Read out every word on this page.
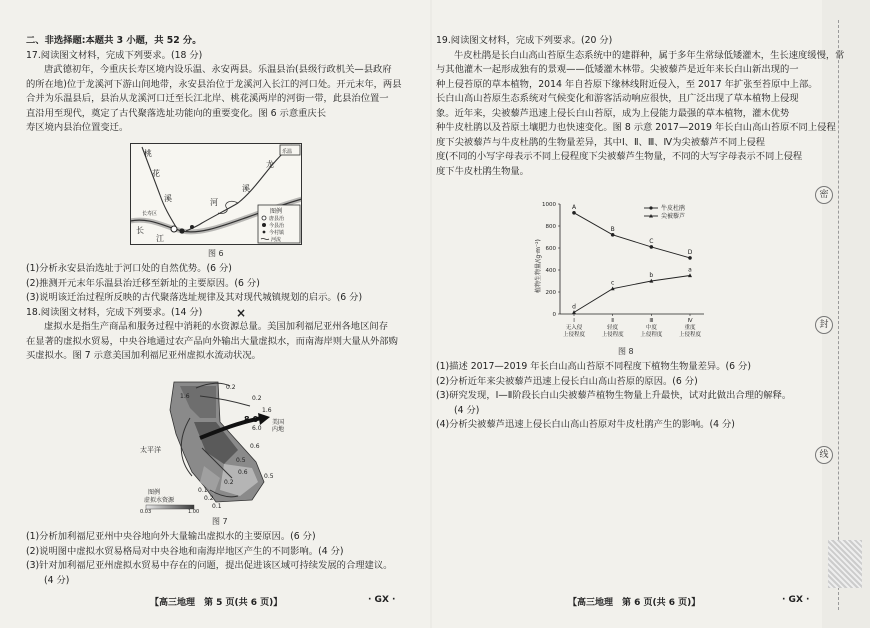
二、非选择题:本题共 3 小题，共 52 分。

17.阅读图文材料，完成下列要求。(18 分)

唐武德初年，今重庆长寿区境内设乐温、永安两县。乐温县治(县级行政机关—县政府

的所在地)位于龙溪河下游山间地带，永安县治位于龙溪河入长江的河口处。开元末年，两县

合并为乐温县后，县治从龙溪河口迁至长江北岸、桃花溪两岸的河街一带，此县治位置一

直沿用至现代，奠定了古代聚落选址功能向的重要变化。图 6 示意重庆长

寿区境内县治位置变迁。

桃
花
溪
龙
溪
河
长
江
长寿区
乐温
图例
唐县治
今县治
今村镇
河流
图 6

(1)分析永安县治选址于河口处的自然优势。(6 分)

(2)推测开元末年乐温县治迁移至新址的主要原因。(6 分)

(3)说明该迁治过程所反映的古代聚落选址规律及其对现代城镇规划的启示。(6 分)

18.阅读图文材料，完成下列要求。(14 分)

虚拟水是指生产商品和服务过程中消耗的水资源总量。美国加利福尼亚州各地区间存

在显著的虚拟水贸易，中央谷地通过农产品向外输出大量虚拟水，而南海岸则大量从外部购

买虚拟水。图 7 示意美国加利福尼亚州虚拟水流动状况。

0.2
1.6
0.2
6.0
8.0
0.6
0.5
0.1
0.2
0.1
0.2
0.6
0.5
1.6
美国 内地
太平洋
图例
虚拟水资源
0.03	1.00
图 7
×

(1)分析加利福尼亚州中央谷地向外大量输出虚拟水的主要原因。(6 分)

(2)说明图中虚拟水贸易格局对中央谷地和南海岸地区产生的不同影响。(4 分)

(3)针对加利福尼亚州虚拟水贸易中存在的问题，提出促进该区域可持续发展的合理建议。

(4 分)

【高三地理　第 5 页(共 6 页)】	· GX ·

19.阅读图文材料，完成下列要求。(20 分)

牛皮杜鹃是长白山高山苔原生态系统中的建群种，属于多年生常绿低矮灌木，生长速度缓慢，常

与其他灌木一起形成独有的景观——低矮灌木林带。尖被藜芦是近年来长白山新出现的一

种上侵苔原的草本植物，2014 年自苔原下缘林线附近侵入，至 2017 年扩张至苔原中上部。

长白山高山苔原生态系统对气候变化和游客活动响应很快，且广泛出现了草本植物上侵现

象。近年来，尖被藜芦迅速上侵长白山苔原，成为上侵能力最强的草本植物，灌木优势

种牛皮杜鹃以及苔原土壤肥力也快速变化。图 8 示意 2017—2019 年长白山高山苔原不同上侵程

度下尖被藜芦与牛皮杜鹃的生物量差异，其中Ⅰ、Ⅱ、Ⅲ、Ⅳ为尖被藜芦不同上侵程

度(不同的小写字母表示不同上侵程度下尖被藜芦生物量，不同的大写字母表示不同上侵程

度下牛皮杜鹃生物量。

植物生物量/(g·m⁻²)
0
200
400
600
800
1000
Ⅰ
无入侵
上侵程度
Ⅱ
轻度
上侵程度
Ⅲ
中度
上侵程度
Ⅳ
重度
上侵程度
A
B
C
D
d
c
b
a
牛皮杜鹃
尖被藜芦
图 8

(1)描述 2017—2019 年长白山高山苔原不同程度下植物生物量差异。(6 分)

(2)分析近年来尖被藜芦迅速上侵长白山高山苔原的原因。(6 分)

(3)研究发现，Ⅰ—Ⅱ阶段长白山尖被藜芦植物生物量上升最快，试对此做出合理的解释。

(4 分)

(4)分析尖被藜芦迅速上侵长白山高山苔原对牛皮杜鹃产生的影响。(4 分)

【高三地理　第 6 页(共 6 页)】	· GX ·
密
封
线
